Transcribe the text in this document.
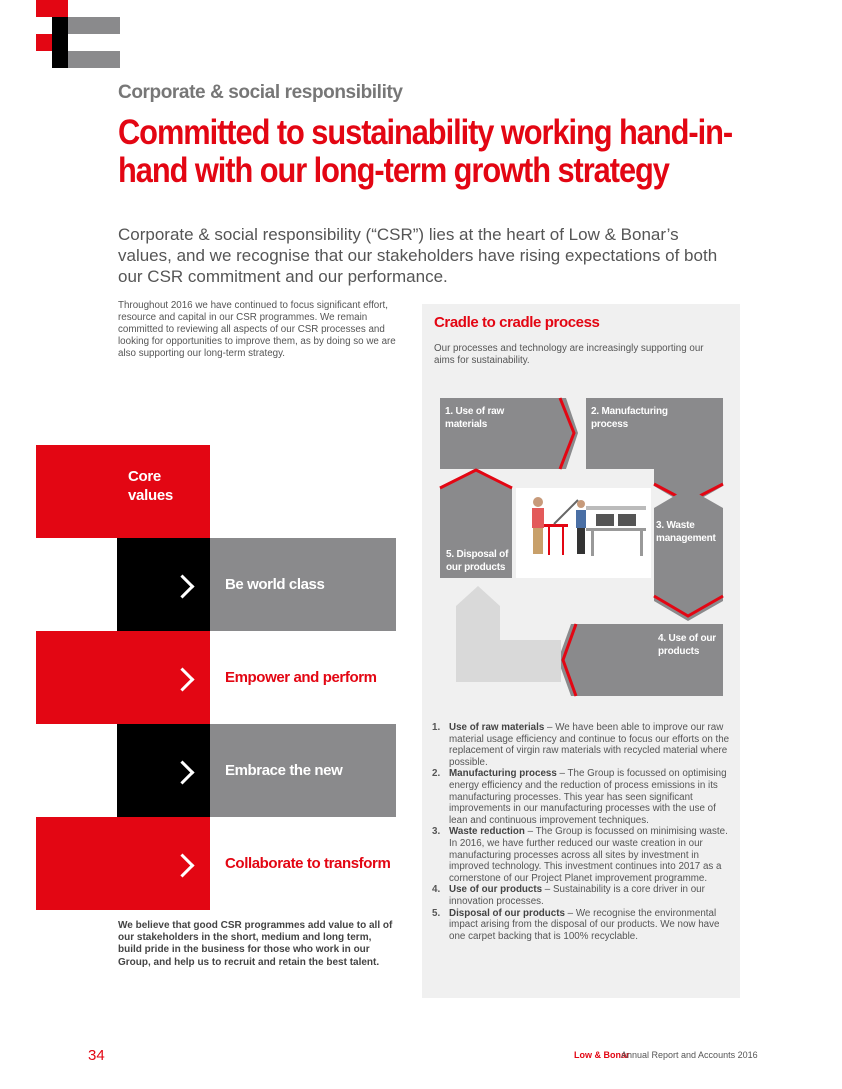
Corporate & social responsibility
Committed to sustainability working hand-in-hand with our long-term growth strategy

Corporate & social responsibility (“CSR”) lies at the heart of Low & Bonar’s values, and we recognise that our stakeholders have rising expectations of both our CSR commitment and our performance.

Throughout 2016 we have continued to focus significant effort, resource and capital in our CSR programmes. We remain committed to reviewing all aspects of our CSR processes and looking for opportunities to improve them, as by doing so we are also supporting our long-term strategy.

Core
values
Be world class
Empower and perform
Embrace the new
Collaborate to transform

We believe that good CSR programmes add value to all of our stakeholders in the short, medium and long term, build pride in the business for those who work in our Group, and help us to recruit and retain the best talent.

Cradle to cradle process

Our processes and technology are increasingly supporting our aims for sustainability.

1. Use of raw
materials
2. Manufacturing
process
3. Waste
management
4. Use of our
products
5. Disposal of
our products
1. Use of raw materials – We have been able to improve our raw material usage efficiency and continue to focus our efforts on the replacement of virgin raw materials with recycled material where possible.
2. Manufacturing process – The Group is focussed on optimising energy efficiency and the reduction of process emissions in its manufacturing processes. This year has seen significant improvements in our manufacturing processes with the use of lean and continuous improvement techniques.
3. Waste reduction – The Group is focussed on minimising waste. In 2016, we have further reduced our waste creation in our manufacturing processes across all sites by investment in improved technology. This investment continues into 2017 as a cornerstone of our Project Planet improvement programme.
4. Use of our products – Sustainability is a core driver in our innovation processes.
5. Disposal of our products – We recognise the environmental impact arising from the disposal of our products. We now have one carpet backing that is 100% recyclable.
34	Low & Bonar
Annual Report and Accounts 2016
